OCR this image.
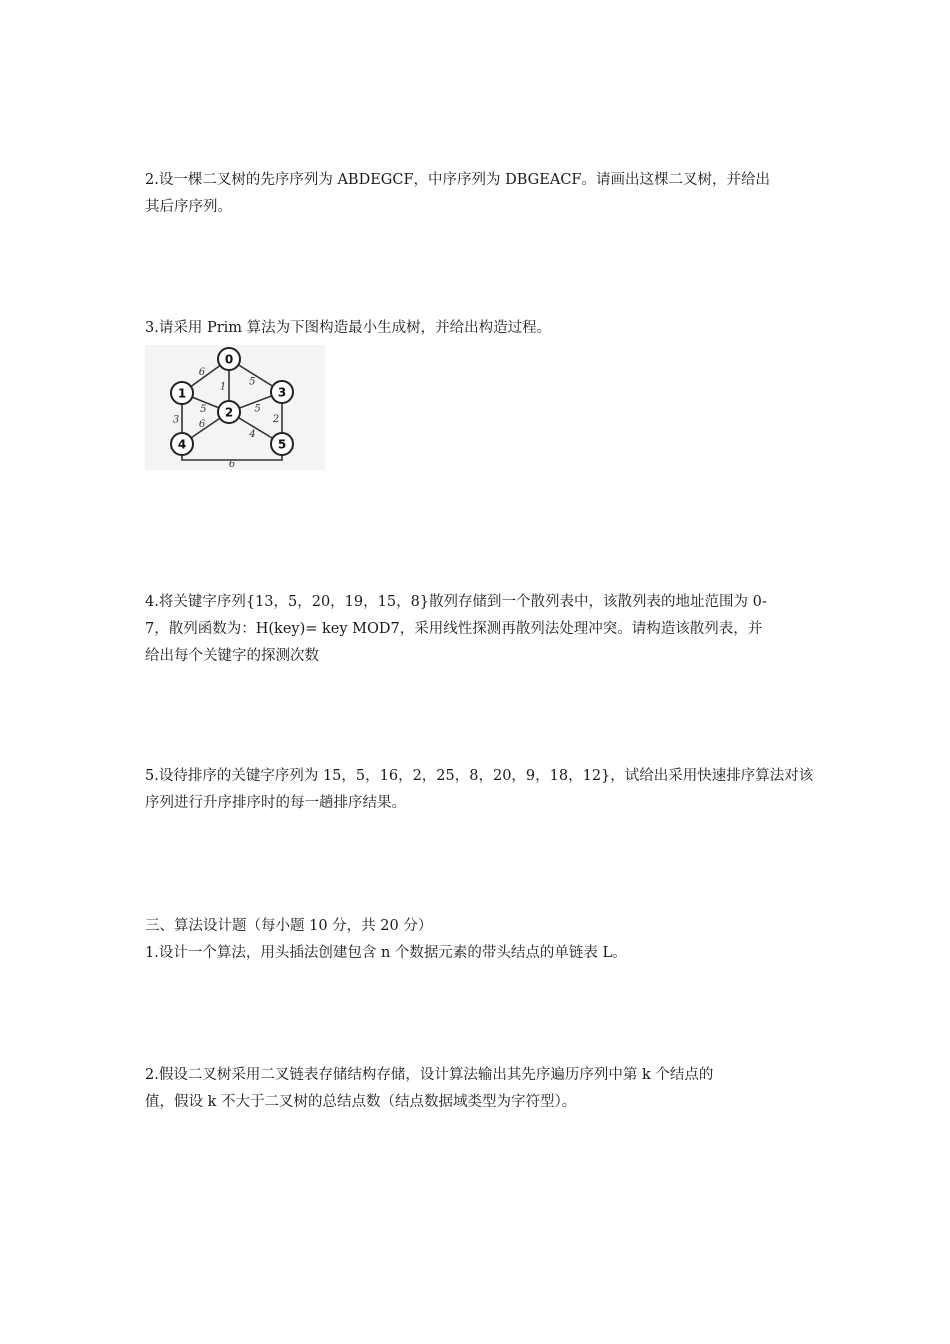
2.设一棵二叉树的先序序列为 ABDEGCF，中序序列为 DBGEACF。请画出这棵二叉树，并给出
其后序序列。
3.请采用 Prim 算法为下图构造最小生成树，并给出构造过程。
6
1 5
5	5
3	2
6
4
6
0
1
2
3
4	5
4.将关键字序列{13，5，20，19，15，8}散列存储到一个散列表中，该散列表的地址范围为 0-
7，散列函数为：H(key)= key MOD7，采用线性探测再散列法处理冲突。请构造该散列表，并
给出每个关键字的探测次数
5.设待排序的关键字序列为 15，5，16，2，25，8，20，9，18，12}，试给出采用快速排序算法对该
序列进行升序排序时的每一趟排序结果。
三、算法设计题（每小题 10 分，共 20 分）
1.设计一个算法，用头插法创建包含 n 个数据元素的带头结点的单链表 L。
2.假设二叉树采用二叉链表存储结构存储，设计算法输出其先序遍历序列中第 k 个结点的
值，假设 k 不大于二叉树的总结点数（结点数据域类型为字符型）。
